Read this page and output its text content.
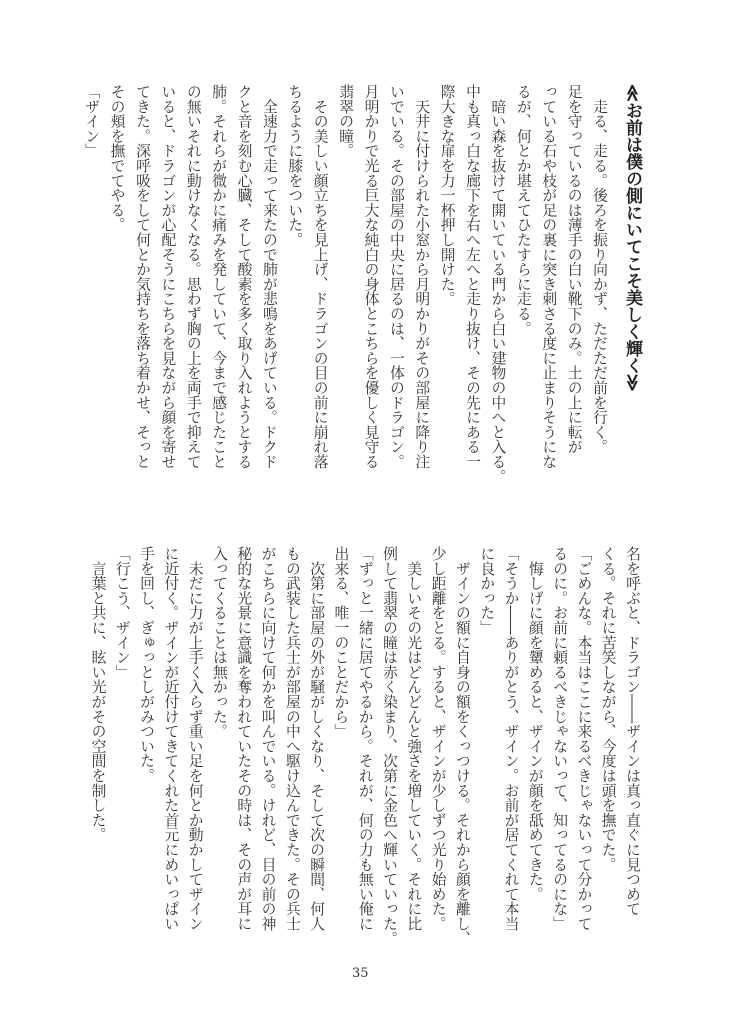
≪お前は僕の側にいてこそ美しく輝く≫
　走る、走る。後ろを振り向かず、ただただ前を行く。
足を守っているのは薄手の白い靴下のみ。土の上に転が
っている石や枝が足の裏に突き刺さる度に止まりそうにな
るが、何とか堪えてひたすらに走る。
　暗い森を抜けて開いている門から白い建物の中へと入る。
中も真っ白な廊下を右へ左へと走り抜け、その先にある一
際大きな扉を力一杯押し開けた。
　天井に付けられた小窓から月明かりがその部屋に降り注
いでいる。その部屋の中央に居るのは、一体のドラゴン。
月明かりで光る巨大な純白の身体とこちらを優しく見守る
翡翠の瞳。
　その美しい顔立ちを見上げ、ドラゴンの目の前に崩れ落
ちるように膝をついた。
　全速力で走って来たので肺が悲鳴をあげている。ドクド
クと音を刻む心臓、そして酸素を多く取り入れようとする
肺。それらが微かに痛みを発していて、今まで感じたこと
の無いそれに動けなくなる。思わず胸の上を両手で抑えて
いると、ドラゴンが心配そうにこちらを見ながら顔を寄せ
てきた。深呼吸をして何とか気持ちを落ち着かせ、そっと
その頬を撫でてやる。
「ザイン」
名を呼ぶと、ドラゴン――ザインは真っ直ぐに見つめて
くる。それに苦笑しながら、今度は頭を撫でた。
「ごめんな。本当はここに来るべきじゃないって分かって
るのに。お前に頼るべきじゃないって、知ってるのにな」
　悔しげに顔を顰めると、ザインが顔を舐めてきた。
「そうか――ありがとう、ザイン。お前が居てくれて本当
に良かった」
　ザインの額に自身の額をくっつける。それから顔を離し、
少し距離をとる。すると、ザインが少しずつ光り始めた。
　美しいその光はどんどんと強さを増していく。それに比
例して翡翠の瞳は赤く染まり、次第に金色へ輝いていった。
「ずっと一緒に居てやるから。それが、何の力も無い俺に
出来る、唯一のことだから」
　次第に部屋の外が騒がしくなり、そして次の瞬間、何人
もの武装した兵士が部屋の中へ駆け込んできた。その兵士
がこちらに向けて何かを叫んでいる。けれど、目の前の神
秘的な光景に意識を奪われていたその時は、その声が耳に
入ってくることは無かった。
　未だに力が上手く入らず重い足を何とか動かしてザイン
に近付く。ザインが近付けてきてくれた首元にめいっぱい
手を回し、ぎゅっとしがみついた。
「行こう、ザイン」
　言葉と共に、眩い光がその空間を制した。
35
